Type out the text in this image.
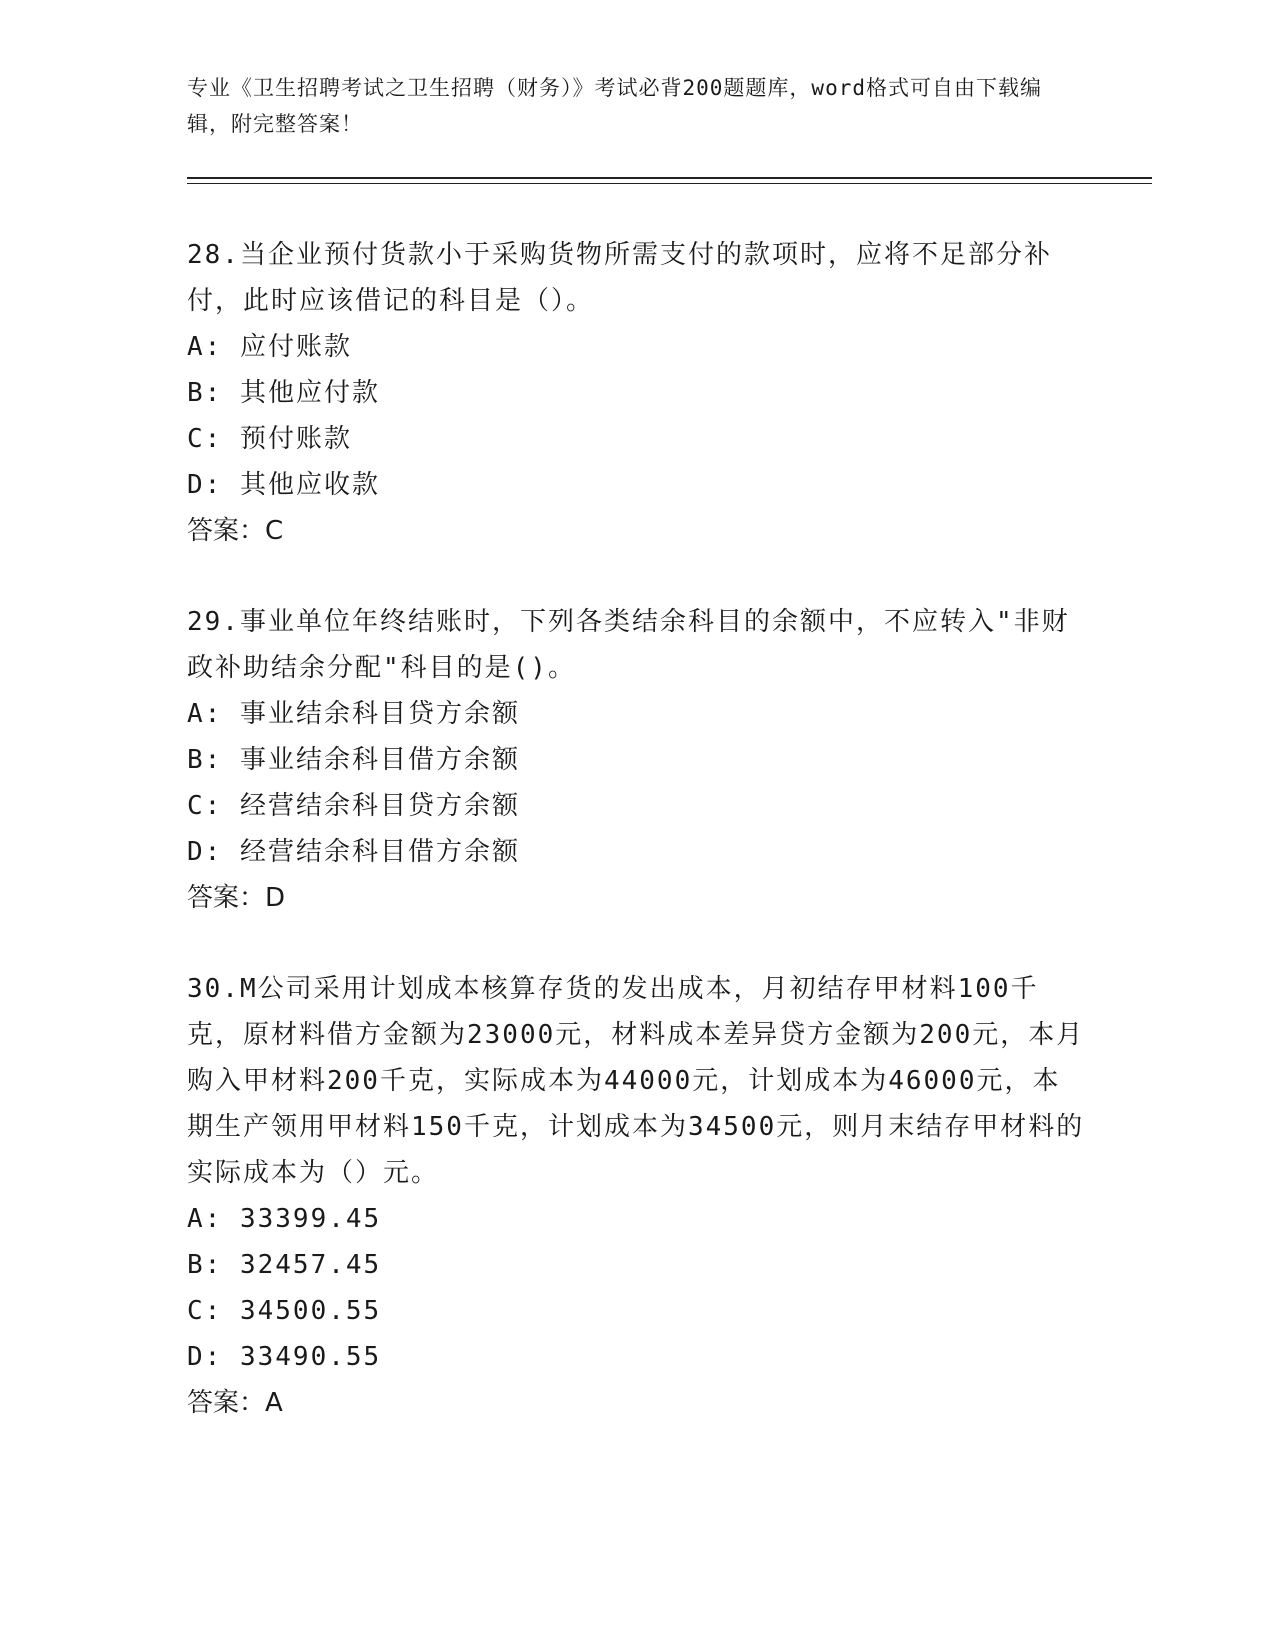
专业《卫生招聘考试之卫生招聘（财务）》考试必背200题题库，word格式可自由下载编辑，附完整答案！

28.当企业预付货款小于采购货物所需支付的款项时，应将不足部分补付，此时应该借记的科目是（）。

A: 应付账款

B: 其他应付款

C: 预付账款

D: 其他应收款

答案：C

29.事业单位年终结账时，下列各类结余科目的余额中，不应转入"非财政补助结余分配"科目的是()。

A: 事业结余科目贷方余额

B: 事业结余科目借方余额

C: 经营结余科目贷方余额

D: 经营结余科目借方余额

答案：D

30.M公司采用计划成本核算存货的发出成本，月初结存甲材料100千克，原材料借方金额为23000元，材料成本差异贷方金额为200元，本月购入甲材料200千克，实际成本为44000元，计划成本为46000元，本期生产领用甲材料150千克，计划成本为34500元，则月末结存甲材料的实际成本为（）元。

A: 33399.45

B: 32457.45

C: 34500.55

D: 33490.55

答案：A
